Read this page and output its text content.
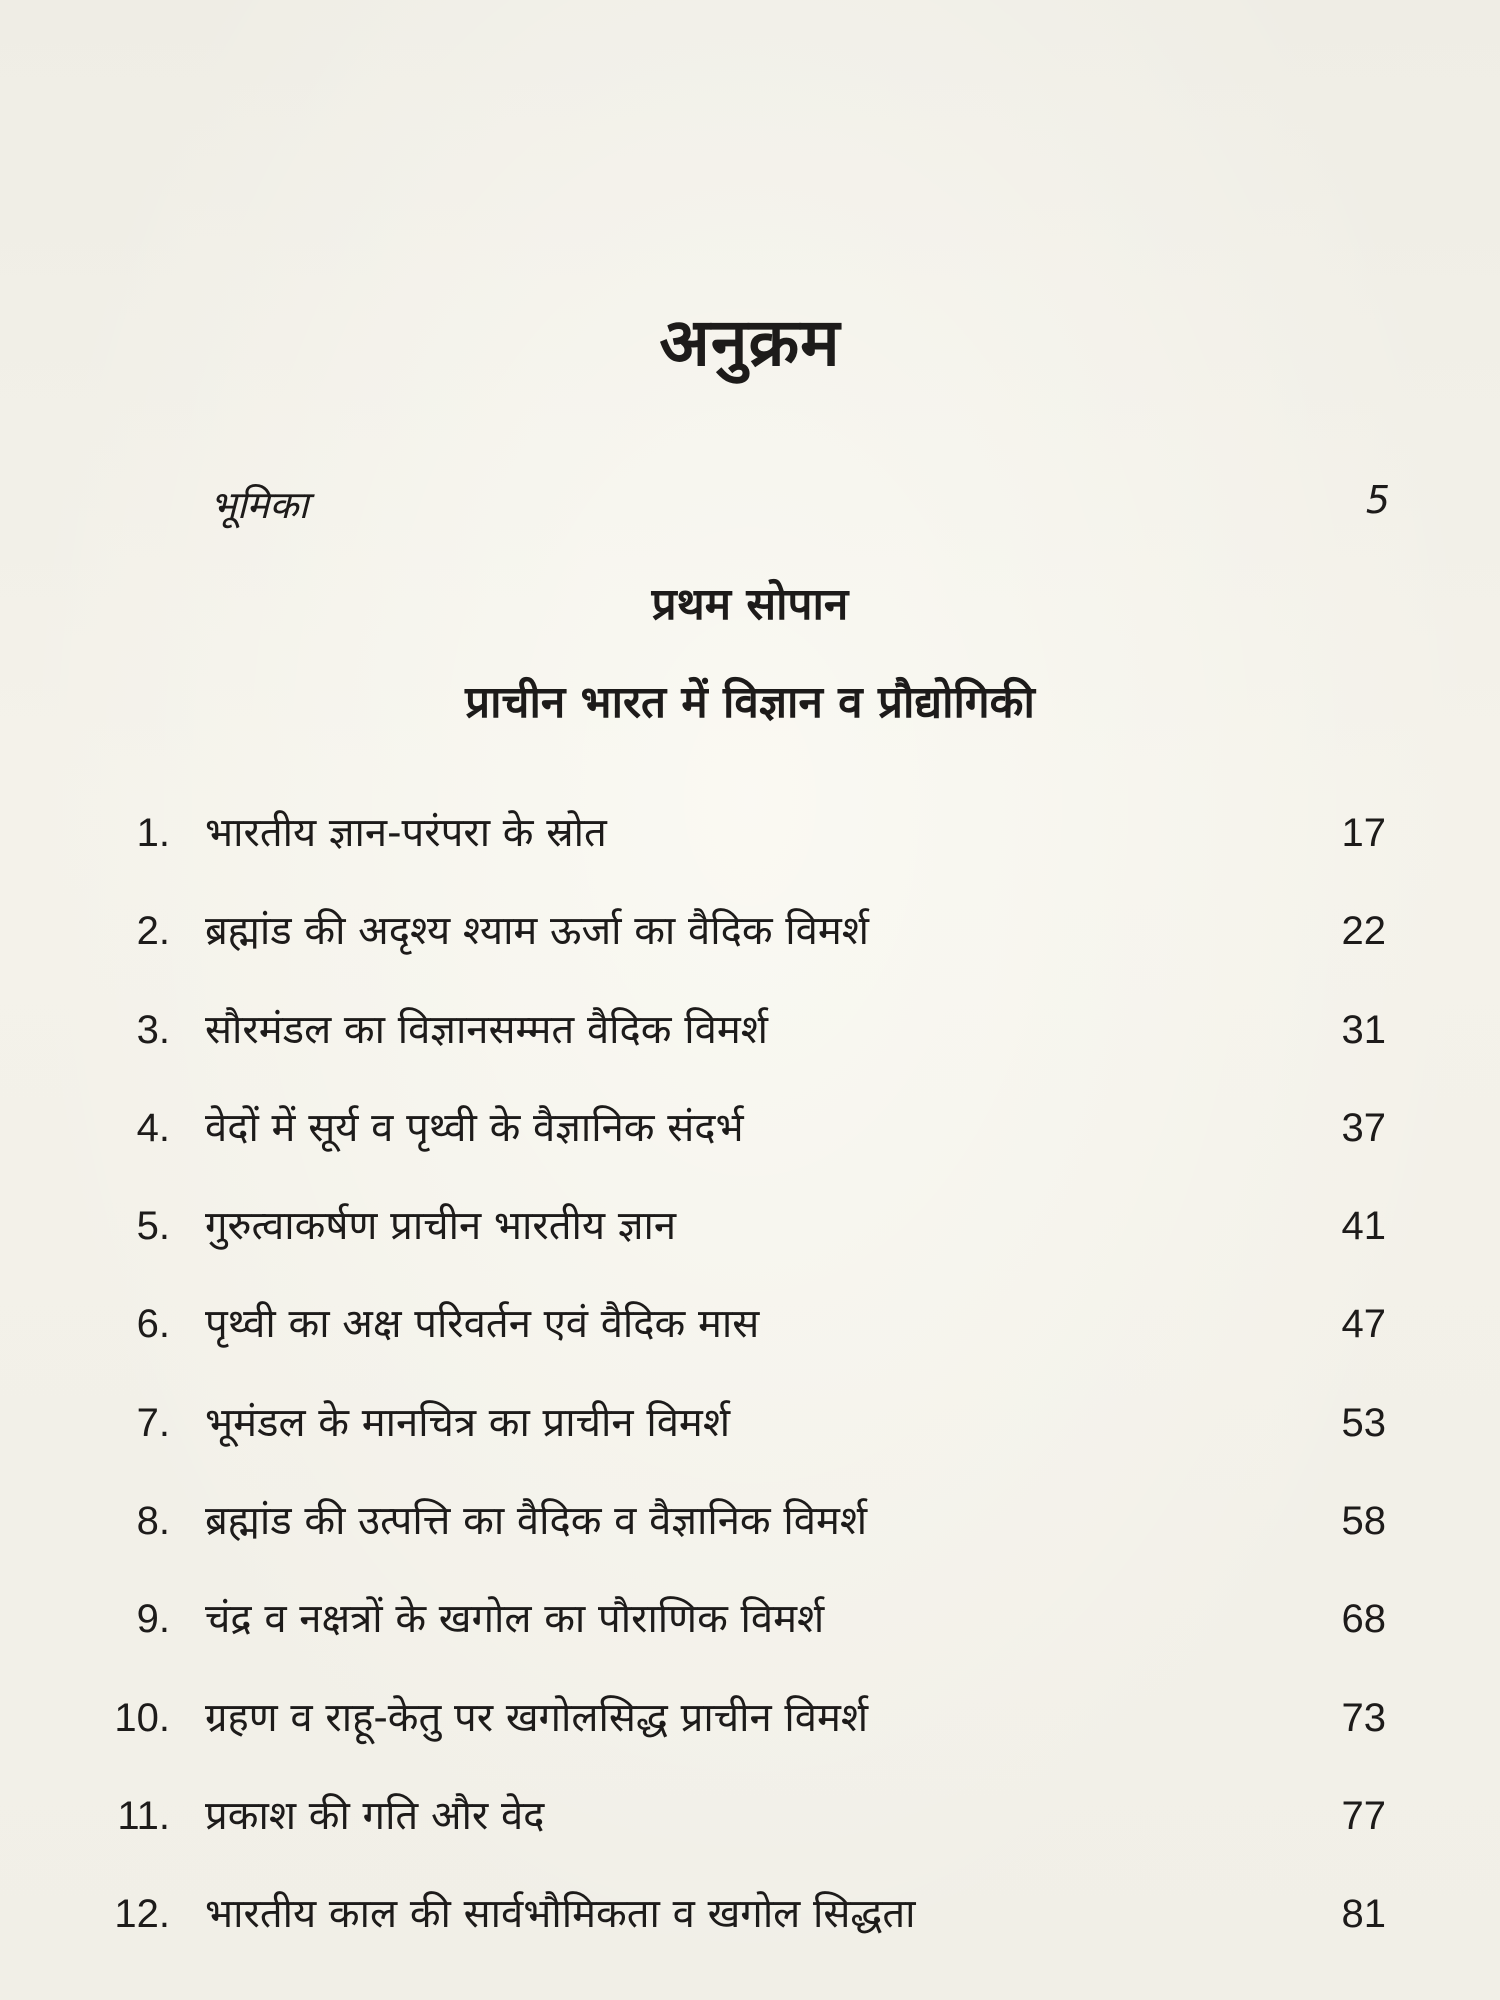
अनुक्रम
भूमिका	5
प्रथम सोपान
प्राचीन भारत में विज्ञान व प्रौद्योगिकी
1. भारतीय ज्ञान-परंपरा के स्रोत	17
2. ब्रह्मांड की अदृश्य श्याम ऊर्जा का वैदिक विमर्श	22
3. सौरमंडल का विज्ञानसम्मत वैदिक विमर्श	31
4. वेदों में सूर्य व पृथ्वी के वैज्ञानिक संदर्भ	37
5. गुरुत्वाकर्षण प्राचीन भारतीय ज्ञान	41
6. पृथ्वी का अक्ष परिवर्तन एवं वैदिक मास	47
7. भूमंडल के मानचित्र का प्राचीन विमर्श	53
8. ब्रह्मांड की उत्पत्ति का वैदिक व वैज्ञानिक विमर्श	58
9. चंद्र व नक्षत्रों के खगोल का पौराणिक विमर्श	68
10. ग्रहण व राहू-केतु पर खगोलसिद्ध प्राचीन विमर्श	73
11. प्रकाश की गति और वेद	77
12. भारतीय काल की सार्वभौमिकता व खगोल सिद्धता	81
